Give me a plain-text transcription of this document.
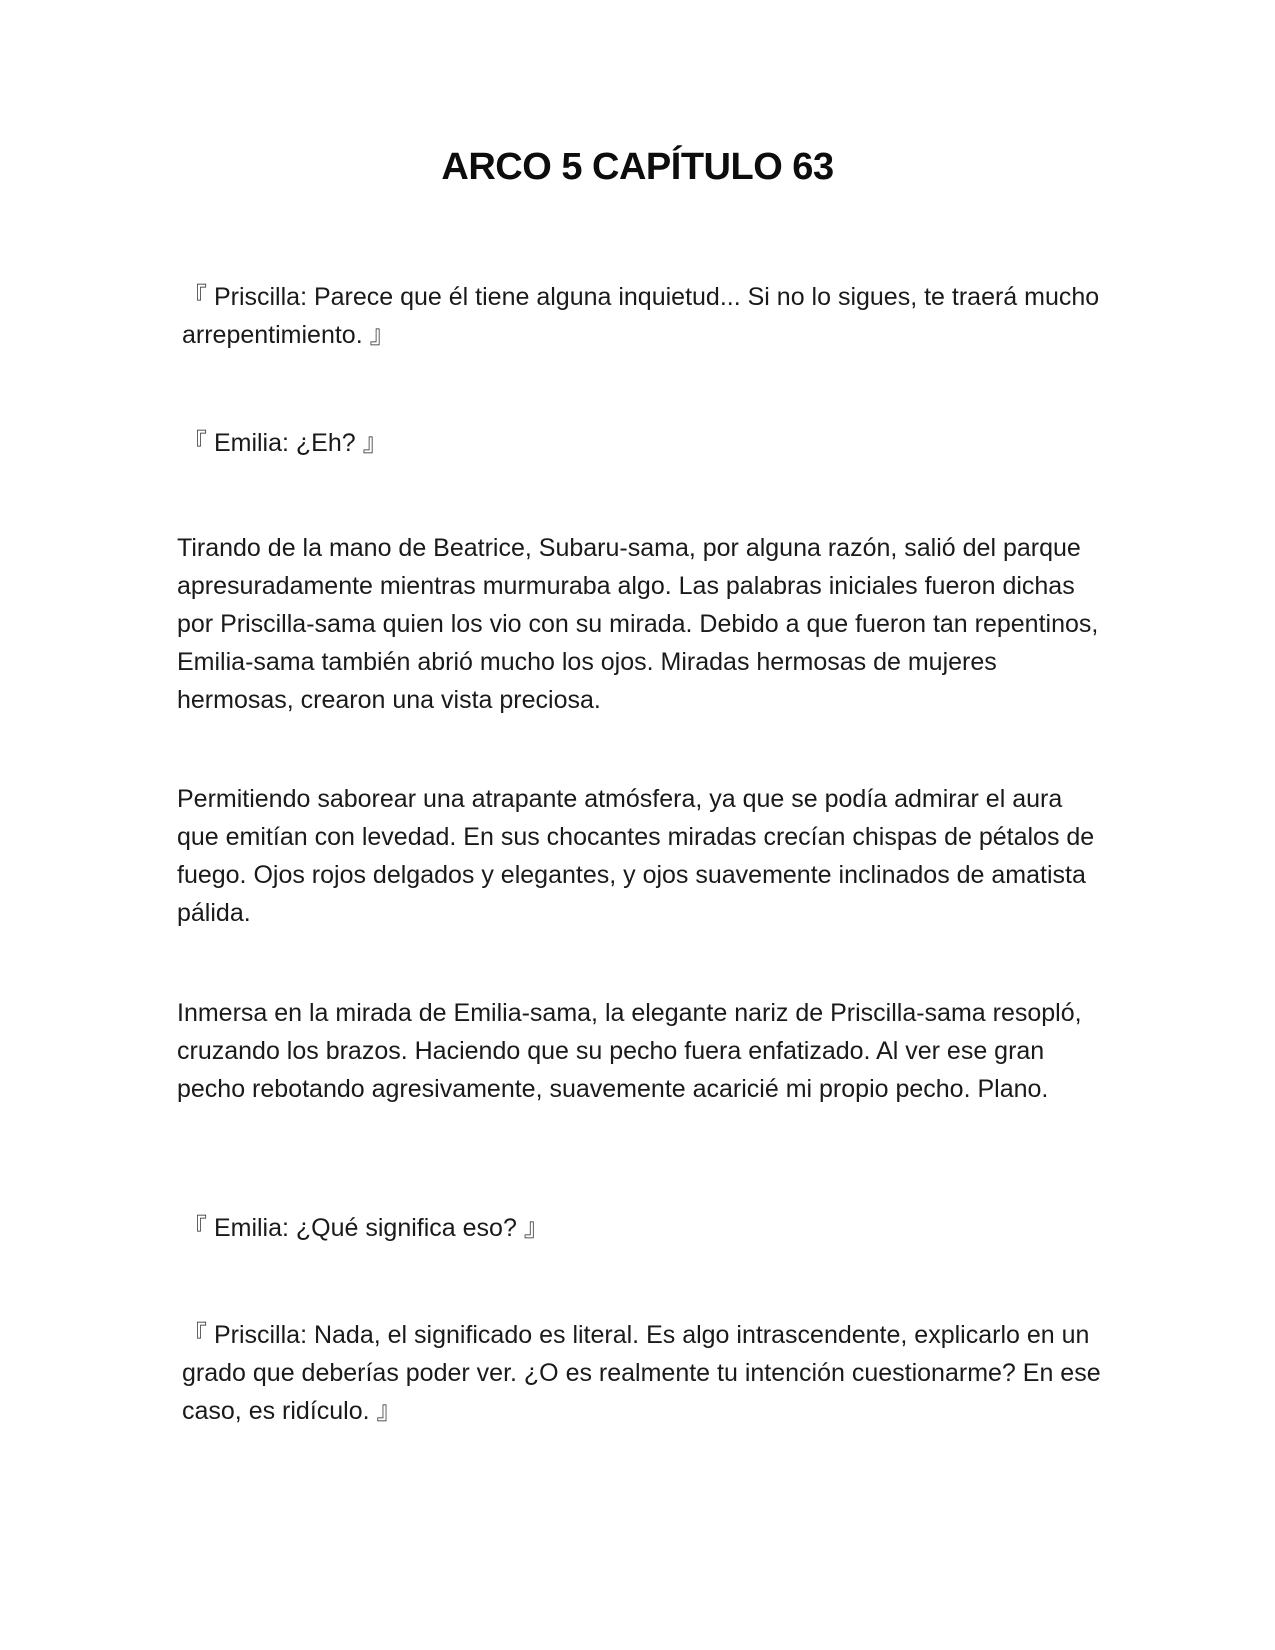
ARCO 5 CAPÍTULO 63

『 Priscilla: Parece que él tiene alguna inquietud... Si no lo sigues, te traerá mucho arrepentimiento. 』

『 Emilia: ¿Eh? 』

Tirando de la mano de Beatrice, Subaru-sama, por alguna razón, salió del parque apresuradamente mientras murmuraba algo. Las palabras iniciales fueron dichas por Priscilla-sama quien los vio con su mirada. Debido a que fueron tan repentinos, Emilia-sama también abrió mucho los ojos. Miradas hermosas de mujeres hermosas, crearon una vista preciosa.

Permitiendo saborear una atrapante atmósfera, ya que se podía admirar el aura que emitían con levedad. En sus chocantes miradas crecían chispas de pétalos de fuego. Ojos rojos delgados y elegantes, y ojos suavemente inclinados de amatista pálida.

Inmersa en la mirada de Emilia-sama, la elegante nariz de Priscilla-sama resopló, cruzando los brazos. Haciendo que su pecho fuera enfatizado. Al ver ese gran pecho rebotando agresivamente, suavemente acaricié mi propio pecho. Plano.

『 Emilia: ¿Qué significa eso? 』

『 Priscilla: Nada, el significado es literal. Es algo intrascendente, explicarlo en un grado que deberías poder ver. ¿O es realmente tu intención cuestionarme? En ese caso, es ridículo. 』
